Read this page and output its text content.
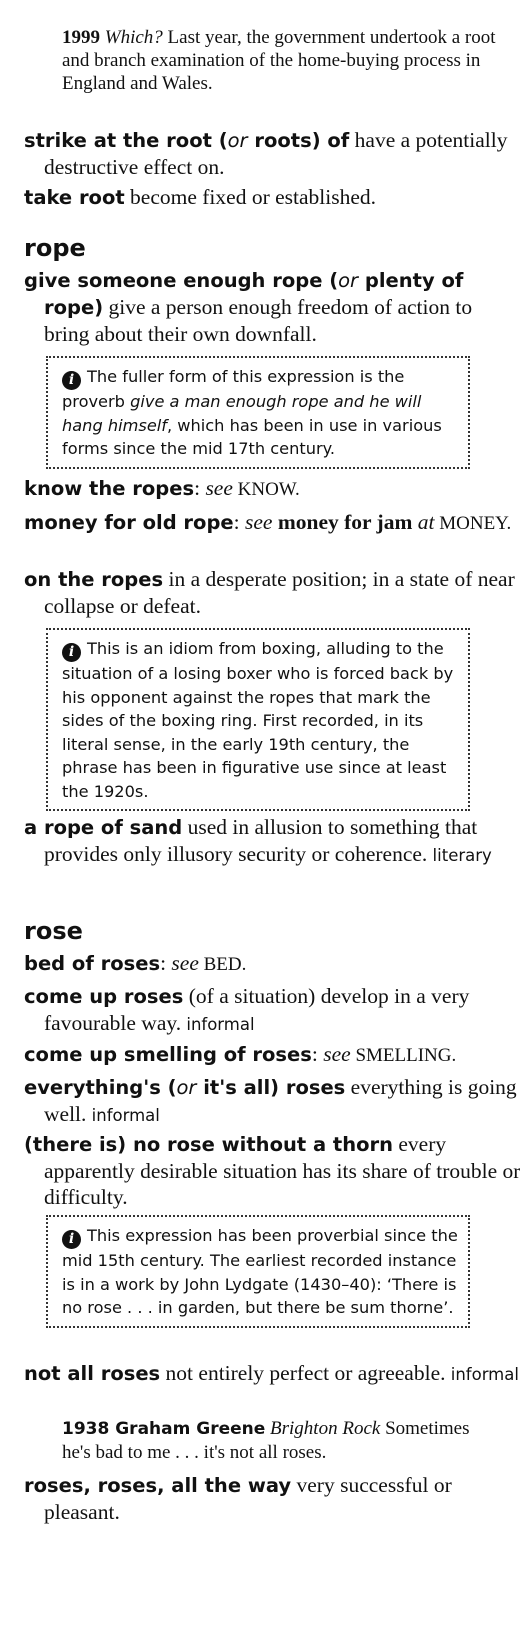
1999 Which? Last year, the government undertook a root and branch examination of the home-buying process in England and Wales.

strike at the root (or roots) of have a potentially destructive effect on.

take root become fixed or established.

rope

give someone enough rope (or plenty of rope) give a person enough freedom of action to bring about their own downfall.

i The fuller form of this expression is the proverb give a man enough rope and he will hang himself, which has been in use in various forms since the mid 17th century.

know the ropes: see KNOW.

money for old rope: see money for jam at MONEY.

on the ropes in a desperate position; in a state of near collapse or defeat.

i This is an idiom from boxing, alluding to the situation of a losing boxer who is forced back by his opponent against the ropes that mark the sides of the boxing ring. First recorded, in its literal sense, in the early 19th century, the phrase has been in figurative use since at least the 1920s.

a rope of sand used in allusion to something that provides only illusory security or coherence. literary

rose

bed of roses: see BED.

come up roses (of a situation) develop in a very favourable way. informal

come up smelling of roses: see SMELLING.

everything's (or it's all) roses everything is going well. informal

(there is) no rose without a thorn every apparently desirable situation has its share of trouble or difficulty.

i This expression has been proverbial since the mid 15th century. The earliest recorded instance is in a work by John Lydgate (1430–40): ‘There is no rose . . . in garden, but there be sum thorne’.

not all roses not entirely perfect or agreeable. informal

1938 Graham Greene Brighton Rock Sometimes he's bad to me . . . it's not all roses.

roses, roses, all the way very successful or pleasant.
